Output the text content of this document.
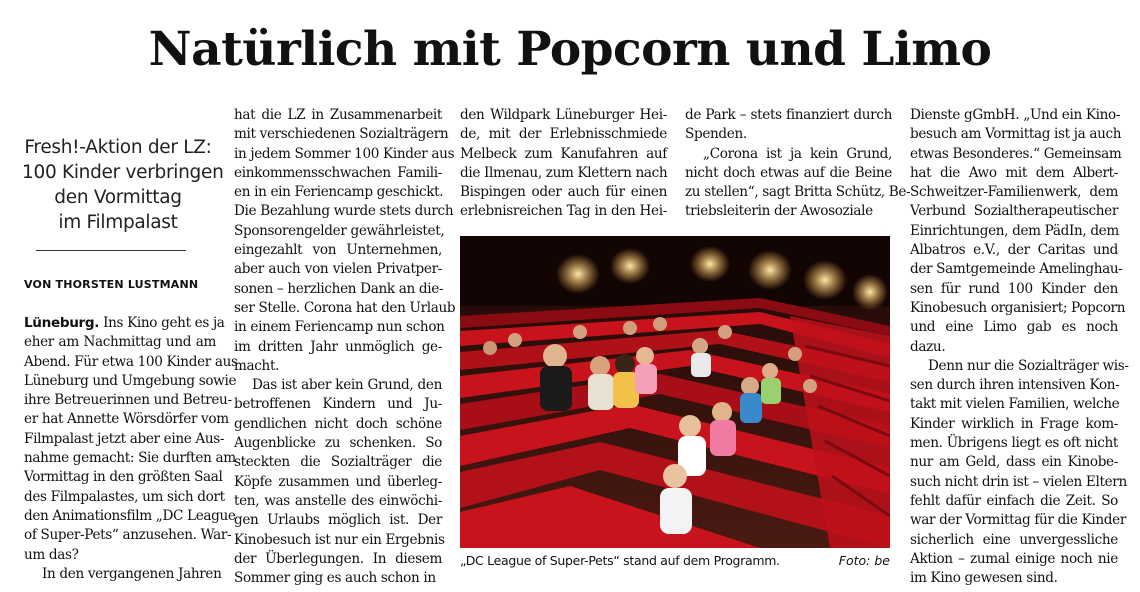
Natürlich mit Popcorn und Limo
Fresh!-Aktion der LZ:
100 Kinder verbringen
den Vormittag
im Filmpalast
VON THORSTEN LUSTMANN
Lüneburg. Ins Kino geht es ja
eher am Nachmittag und am
Abend. Für etwa 100 Kinder aus
Lüneburg und Umgebung sowie
ihre Betreuerinnen und Betreu-
er hat Annette Wörsdörfer vom
Filmpalast jetzt aber eine Aus-
nahme gemacht: Sie durften am
Vormittag in den größten Saal
des Filmpalastes, um sich dort
den Animationsfilm „DC League
of Super-Pets“ anzusehen. War-
um das?
In den vergangenen Jahren
hat die LZ in Zusammenarbeit
mit verschiedenen Sozialträgern
in jedem Sommer 100 Kinder aus
einkommensschwachen Famili-
en in ein Feriencamp geschickt.
Die Bezahlung wurde stets durch
Sponsorengelder gewährleistet,
eingezahlt von Unternehmen,
aber auch von vielen Privatper-
sonen – herzlichen Dank an die-
ser Stelle. Corona hat den Urlaub
in einem Feriencamp nun schon
im dritten Jahr unmöglich ge-
macht.
Das ist aber kein Grund, den
betroffenen Kindern und Ju-
gendlichen nicht doch schöne
Augenblicke zu schenken. So
steckten die Sozialträger die
Köpfe zusammen und überleg-
ten, was anstelle des einwöchi-
gen Urlaubs möglich ist. Der
Kinobesuch ist nur ein Ergebnis
der Überlegungen. In diesem
Sommer ging es auch schon in
den Wildpark Lüneburger Hei-
de, mit der Erlebnisschmiede
Melbeck zum Kanufahren auf
die Ilmenau, zum Klettern nach
Bispingen oder auch für einen
erlebnisreichen Tag in den Hei-
de Park – stets finanziert durch
Spenden.
„Corona ist ja kein Grund,
nicht doch etwas auf die Beine
zu stellen“, sagt Britta Schütz, Be-
triebsleiterin der Awosoziale
Dienste gGmbH. „Und ein Kino-
besuch am Vormittag ist ja auch
etwas Besonderes.“ Gemeinsam
hat die Awo mit dem Albert-
Schweitzer-Familienwerk, dem
Verbund Sozialtherapeutischer
Einrichtungen, dem PädIn, dem
Albatros e.V., der Caritas und
der Samtgemeinde Amelinghau-
sen für rund 100 Kinder den
Kinobesuch organisiert; Popcorn
und eine Limo gab es noch
dazu.
Denn nur die Sozialträger wis-
sen durch ihren intensiven Kon-
takt mit vielen Familien, welche
Kinder wirklich in Frage kom-
men. Übrigens liegt es oft nicht
nur am Geld, dass ein Kinobe-
such nicht drin ist – vielen Eltern
fehlt dafür einfach die Zeit. So
war der Vormittag für die Kinder
sicherlich eine unvergessliche
Aktion – zumal einige noch nie
im Kino gewesen sind.
„DC League of Super-Pets“ stand auf dem Programm.	Foto: be
